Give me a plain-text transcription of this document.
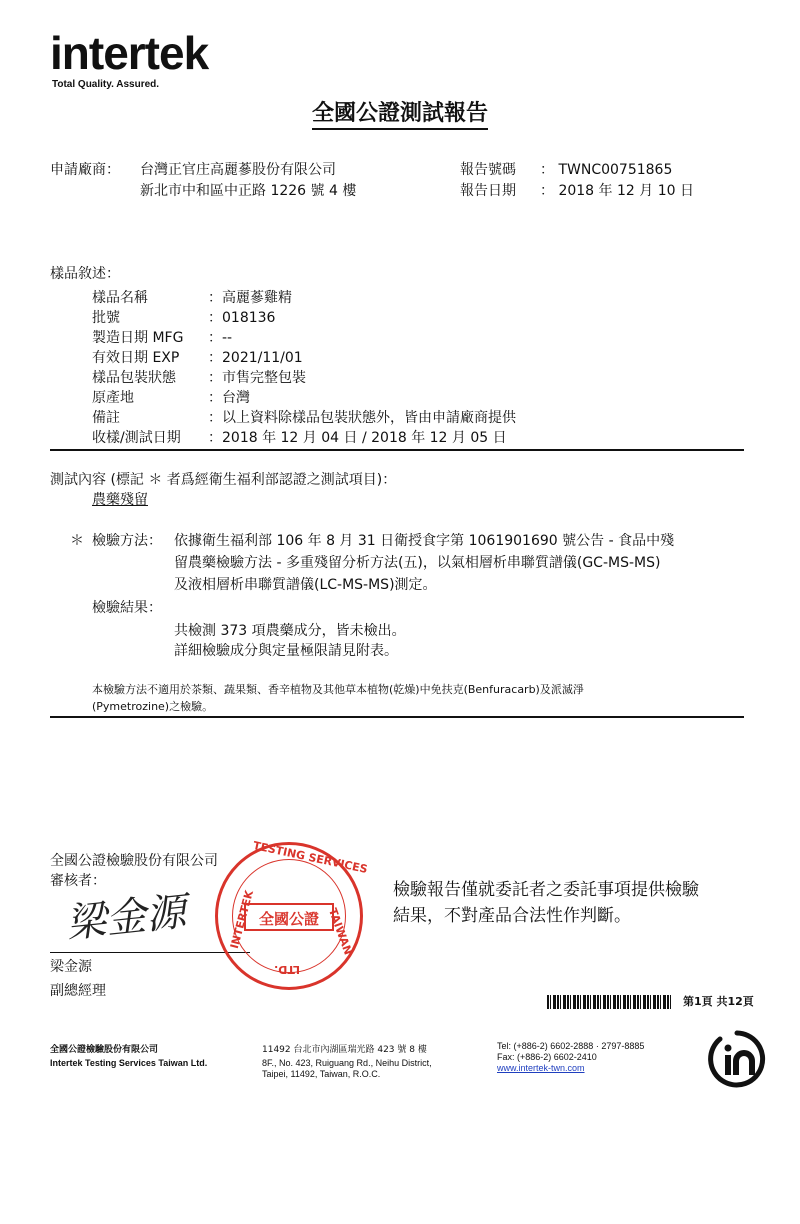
intertek
Total Quality. Assured.
全國公證測試報告
申請廠商： 台灣正官庄高麗蔘股份有限公司
新北市中和區中正路 1226 號 4 樓
報告號碼 ： TWNC00751865
報告日期 ： 2018 年 12 月 10 日
樣品敘述：
樣品名稱	：高麗蔘雞精
批號	：018136
製造日期 MFG ：--
有效日期 EXP ：2021/11/01
樣品包裝狀態 ：市售完整包裝
原產地	：台灣
備註	：以上資料除樣品包裝狀態外，皆由申請廠商提供
收樣/測試日期 ：2018 年 12 月 04 日 / 2018 年 12 月 05 日
測試內容 (標記 ＊ 者爲經衛生福利部認證之測試項目)：
農藥殘留
＊ 檢驗方法： 依據衛生福利部 106 年 8 月 31 日衛授食字第 1061901690 號公告 - 食品中殘
留農藥檢驗方法 - 多重殘留分析方法(五)，以氣相層析串聯質譜儀(GC-MS-MS)
及液相層析串聯質譜儀(LC-MS-MS)測定。
檢驗結果：
共檢測 373 項農藥成分，皆未檢出。
詳細檢驗成分與定量極限請見附表。
本檢驗方法不適用於茶類、蔬果類、香辛植物及其他草本植物(乾燥)中免扶克(Benfuracarb)及派滅淨
(Pymetrozine)之檢驗。
全國公證檢驗股份有限公司
審核者：
梁金源
梁金源
副總經理
TESTING SERVICES
TAIWAN
INTERTEK
LTD.
全國公證
檢驗報告僅就委託者之委託事項提供檢驗
結果，不對產品合法性作判斷。
第1頁 共12頁
全國公證檢驗股份有限公司
Intertek Testing Services Taiwan Ltd.
11492 台北市內湖區瑞光路 423 號 8 樓
8F., No. 423, Ruiguang Rd., Neihu District,
Taipei, 11492, Taiwan, R.O.C.
Tel: (+886-2) 6602-2888 · 2797-8885
Fax: (+886-2) 6602-2410
www.intertek-twn.com
